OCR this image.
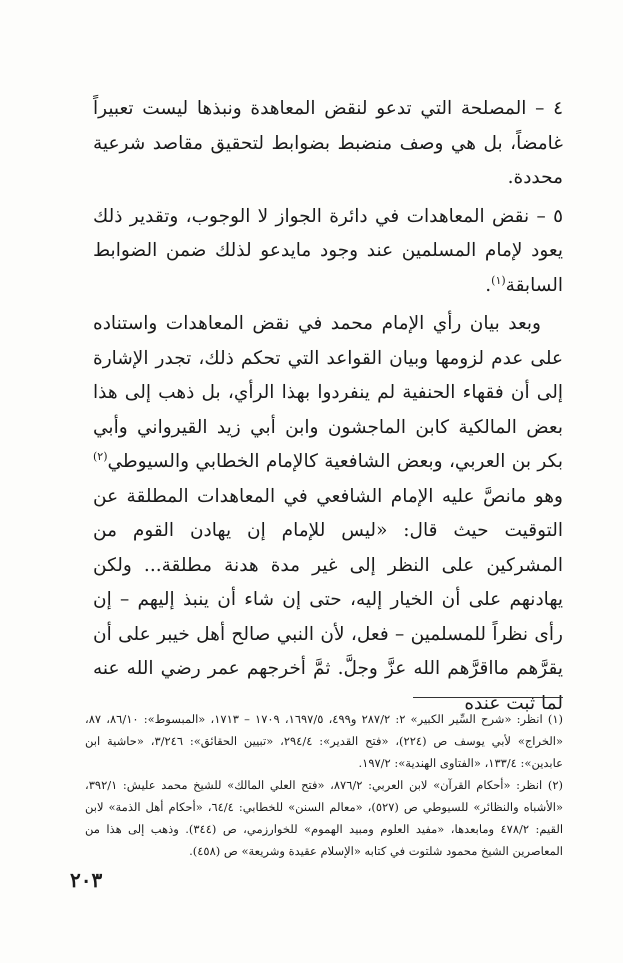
٤ – المصلحة التي تدعو لنقض المعاهدة ونبذها ليست تعبيراً غامضاً، بل هي وصف منضبط بضوابط لتحقيق مقاصد شرعية محددة.

٥ – نقض المعاهدات في دائرة الجواز لا الوجوب، وتقدير ذلك يعود لإمام المسلمين عند وجود مايدعو لذلك ضمن الضوابط السابقة$^{(١)}$.

وبعد بيان رأي الإمام محمد في نقض المعاهدات واستناده على عدم لزومها وبيان القواعد التي تحكم ذلك، تجدر الإشارة إلى أن فقهاء الحنفية لم ينفردوا بهذا الرأي، بل ذهب إلى هذا بعض المالكية كابن الماجشون وابن أبي زيد القيرواني وأبي بكر بن العربي، وبعض الشافعية كالإمام الخطابي والسيوطي$^{(٢)}$ وهو مانصَّ عليه الإمام الشافعي في المعاهدات المطلقة عن التوقيت حيث قال: «ليس للإمام إن يهادن القوم من المشركين على النظر إلى غير مدة هدنة مطلقة... ولكن يهادنهم على أن الخيار إليه، حتى إن شاء أن ينبذ إليهم – إن رأى نظراً للمسلمين – فعل، لأن النبي صالح أهل خيبر على أن يقرَّهم مااقرَّهم الله عزَّ وجلَّ. ثمَّ أخرجهم عمر رضي الله عنه لما ثبت عنده

(١) انظر: «شرح السِّير الكبير» ٢: ٢٨٧/٢ و٤٩٩، ١٦٩٧/٥، ١٧٠٩ – ١٧١٣، «المبسوط»: ٨٦/١٠، ٨٧، «الخراج» لأبي يوسف ص (٢٢٤)، «فتح القدير»: ٢٩٤/٤، «تبيين الحقائق»: ٣/٢٤٦، «حاشية ابن عابدين»: ١٣٣/٤، «الفتاوى الهندية»: ١٩٧/٢.

(٢) انظر: «أحكام القرآن» لابن العربي: ٨٧٦/٢، «فتح العلي المالك» للشيخ محمد عليش: ٣٩٢/١، «الأشباه والنظائر» للسيوطي ص (٥٢٧)، «معالم السنن» للخطابي: ٦٤/٤، «أحكام أهل الذمة» لابن القيم: ٤٧٨/٢ ومابعدها، «مفيد العلوم ومبيد الهموم» للخوارزمي، ص (٣٤٤). وذهب إلى هذا من المعاصرين الشيخ محمود شلتوت في كتابه «الإسلام عقيدة وشريعة» ص (٤٥٨).

٢٠٣
